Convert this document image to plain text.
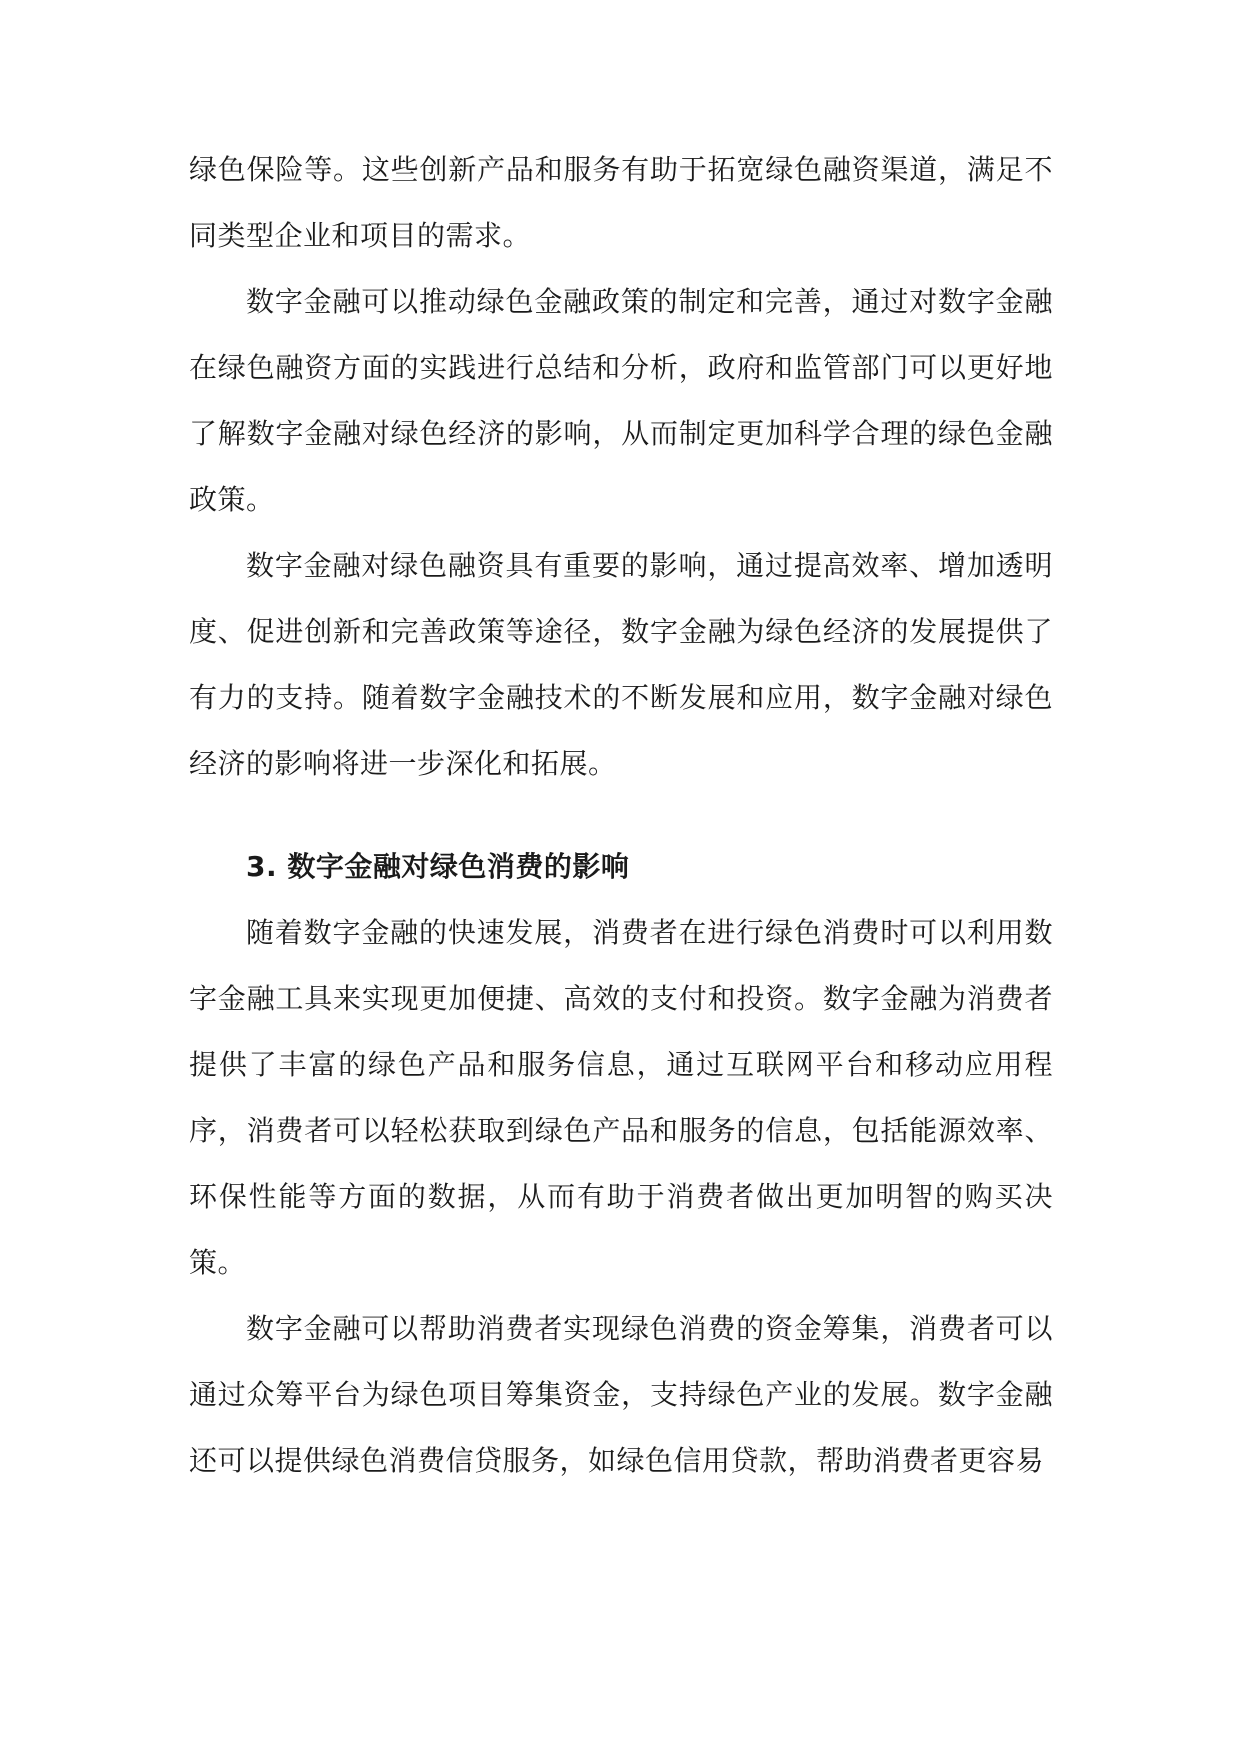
绿色保险等。这些创新产品和服务有助于拓宽绿色融资渠道，满足不同类型企业和项目的需求。

数字金融可以推动绿色金融政策的制定和完善，通过对数字金融在绿色融资方面的实践进行总结和分析，政府和监管部门可以更好地了解数字金融对绿色经济的影响，从而制定更加科学合理的绿色金融政策。

数字金融对绿色融资具有重要的影响，通过提高效率、增加透明度、促进创新和完善政策等途径，数字金融为绿色经济的发展提供了有力的支持。随着数字金融技术的不断发展和应用，数字金融对绿色经济的影响将进一步深化和拓展。

3. 数字金融对绿色消费的影响

随着数字金融的快速发展，消费者在进行绿色消费时可以利用数字金融工具来实现更加便捷、高效的支付和投资。数字金融为消费者提供了丰富的绿色产品和服务信息，通过互联网平台和移动应用程序，消费者可以轻松获取到绿色产品和服务的信息，包括能源效率、环保性能等方面的数据，从而有助于消费者做出更加明智的购买决策。

数字金融可以帮助消费者实现绿色消费的资金筹集，消费者可以通过众筹平台为绿色项目筹集资金，支持绿色产业的发展。数字金融还可以提供绿色消费信贷服务，如绿色信用贷款，帮助消费者更容易
